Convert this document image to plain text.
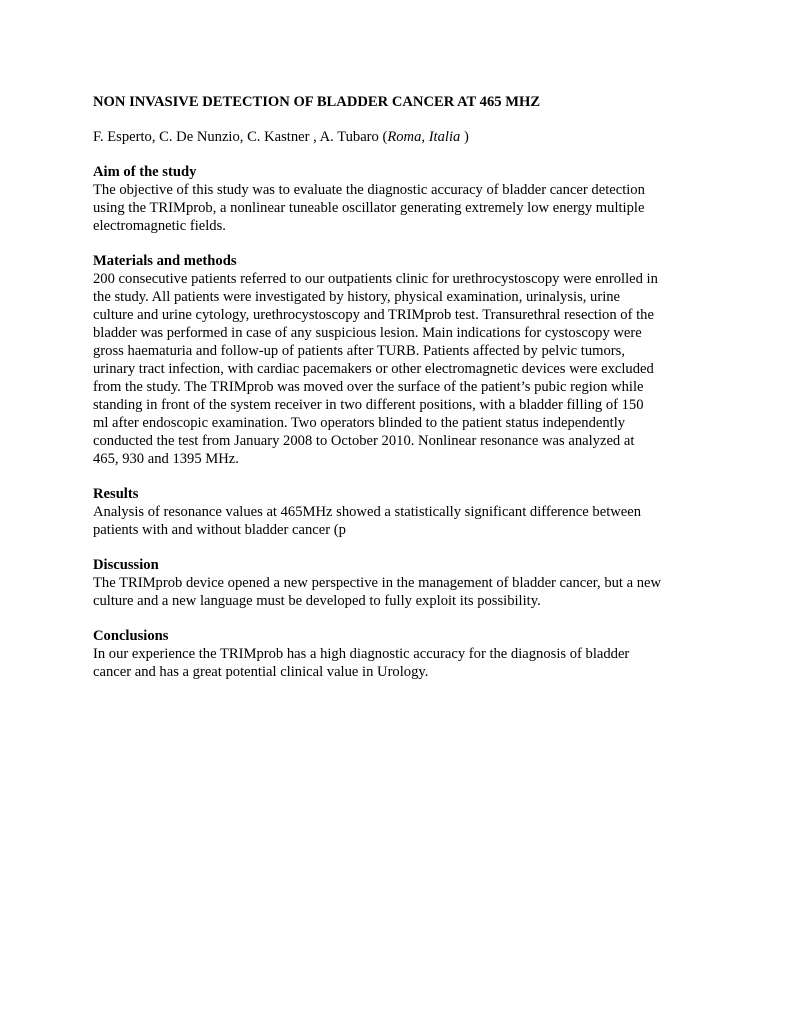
NON INVASIVE DETECTION OF BLADDER CANCER AT 465 MHZ

F. Esperto, C. De Nunzio, C. Kastner , A. Tubaro (Roma, Italia )

Aim of the study

The objective of this study was to evaluate the diagnostic accuracy of bladder cancer detection
using the TRIMprob, a nonlinear tuneable oscillator generating extremely low energy multiple
electromagnetic fields.

Materials and methods

200 consecutive patients referred to our outpatients clinic for urethrocystoscopy were enrolled in
the study. All patients were investigated by history, physical examination, urinalysis, urine
culture and urine cytology, urethrocystoscopy and TRIMprob test. Transurethral resection of the
bladder was performed in case of any suspicious lesion. Main indications for cystoscopy were
gross haematuria and follow-up of patients after TURB. Patients affected by pelvic tumors,
urinary tract infection, with cardiac pacemakers or other electromagnetic devices were excluded
from the study. The TRIMprob was moved over the surface of the patient’s pubic region while
standing in front of the system receiver in two different positions, with a bladder filling of 150
ml after endoscopic examination. Two operators blinded to the patient status independently
conducted the test from January 2008 to October 2010. Nonlinear resonance was analyzed at
465, 930 and 1395 MHz.

Results

Analysis of resonance values at 465MHz showed a statistically significant difference between
patients with and without bladder cancer (p

Discussion

The TRIMprob device opened a new perspective in the management of bladder cancer, but a new
culture and a new language must be developed to fully exploit its possibility.

Conclusions

In our experience the TRIMprob has a high diagnostic accuracy for the diagnosis of bladder
cancer and has a great potential clinical value in Urology.
